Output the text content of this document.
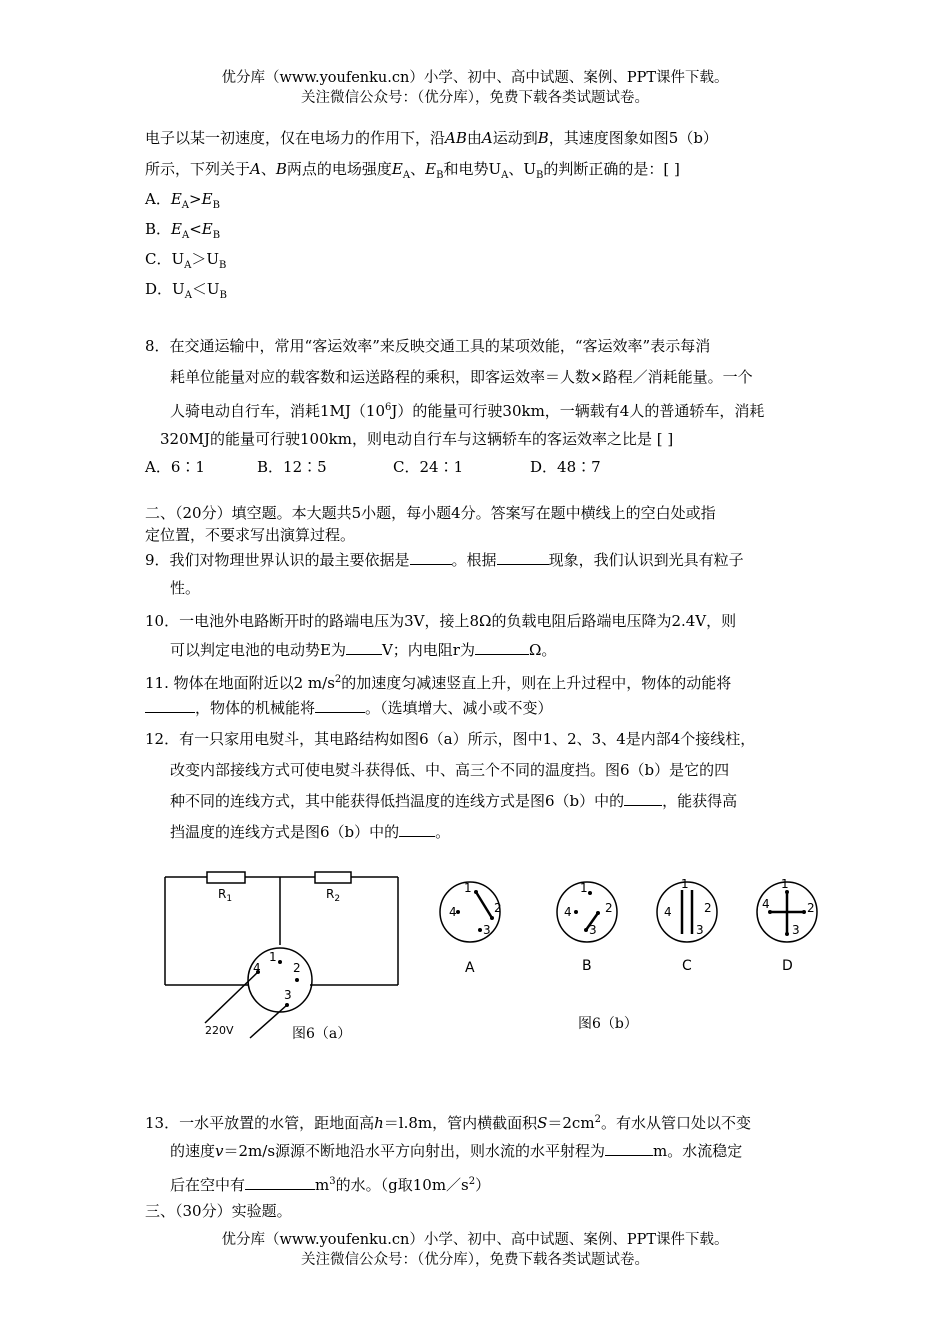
优分库（www.youfenku.cn）小学、初中、高中试题、案例、PPT课件下载。
关注微信公众号：（优分库），免费下载各类试题试卷。
电子以某一初速度，仅在电场力的作用下，沿AB由A运动到B，其速度图象如图5（b）
所示，下列关于A、B两点的电场强度$E_A$、$E_B$和电势$U_A$、$U_B$的判断正确的是：[ ]
A．$E_A>E_B$
B．$E_A<E_B$
C．$U_A>U_B$
D．$U_A<U_B$
8．在交通运输中，常用“客运效率”来反映交通工具的某项效能，“客运效率”表示每消
耗单位能量对应的载客数和运送路程的乘积，即客运效率＝人数×路程／消耗能量。一个
人骑电动自行车，消耗$1MJ(10^6J)$的能量可行驶30km，一辆载有4人的普通轿车，消耗
320MJ的能量可行驶100km，则电动自行车与这辆轿车的客运效率之比是 [ ]
A．6∶1	B．12∶5	C．24∶1	D．48∶7
二、（20分）填空题。本大题共5小题，每小题4分。答案写在题中横线上的空白处或指
定位置，不要求写出演算过程。
9．我们对物理世界认识的最主要依据是	。根据	现象，我们认识到光具有粒子
性。
10．一电池外电路断开时的路端电压为3V，接上8Ω的负载电阻后路端电压降为2.4V，则
可以判定电池的电动势E为 V；内电阻r为	Ω。
11. 物体在地面附近以2 $m/s^2$的加速度匀减速竖直上升，则在上升过程中，物体的动能将
，物体的机械能将	。（选填增大、减小或不变）
12．有一只家用电熨斗，其电路结构如图6（a）所示，图中1、2、3、4是内部4个接线柱，
改变内部接线方式可使电熨斗获得低、中、高三个不同的温度挡。图6（b）是它的四
种不同的连线方式，其中能获得低挡温度的连线方式是图6（b）中的	，能获得高
挡温度的连线方式是图6（b）中的 。
$R_1$	$R_2$
1
2
3
4
220V	图6（a）
1
2
3
4
1
2
3
4
1
2
3
4
1
2
3
4
A	B	C	D
图6（b）
13．一水平放置的水管，距地面高h＝l.8m，管内横截面积$S=2cm^2$。有水从管口处以不变
的速度v＝2m/s源源不断地沿水平方向射出，则水流的水平射程为	m。水流稳定
后在空中有	$m^3$的水。（g取$10m/s^2$）
三、（30分）实验题。
优分库（www.youfenku.cn）小学、初中、高中试题、案例、PPT课件下载。
关注微信公众号：（优分库），免费下载各类试题试卷。
